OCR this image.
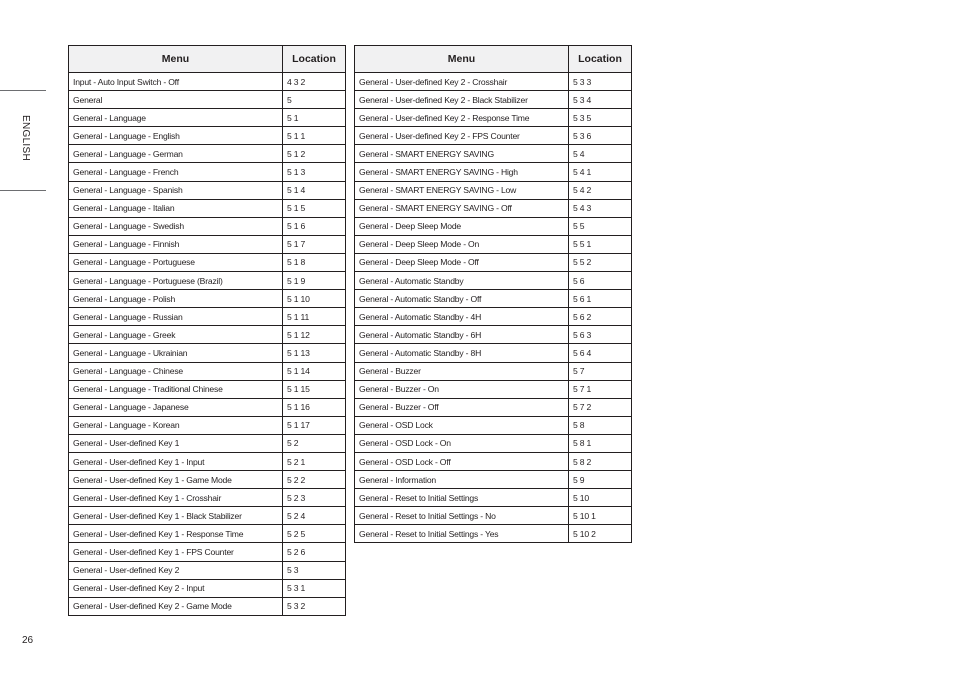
ENGLISH
Menu	Location
Input - Auto Input Switch - Off	4 3 2
General	5
General - Language	5 1
General - Language - English	5 1 1
General - Language - German	5 1 2
General - Language - French	5 1 3
General - Language - Spanish	5 1 4
General - Language - Italian	5 1 5
General - Language - Swedish	5 1 6
General - Language - Finnish	5 1 7
General - Language - Portuguese	5 1 8
General - Language - Portuguese (Brazil)	5 1 9
General - Language - Polish	5 1 10
General - Language - Russian	5 1 11
General - Language - Greek	5 1 12
General - Language - Ukrainian	5 1 13
General - Language - Chinese	5 1 14
General - Language - Traditional Chinese	5 1 15
General - Language - Japanese	5 1 16
General - Language - Korean	5 1 17
General - User-defined Key 1	5 2
General - User-defined Key 1 - Input	5 2 1
General - User-defined Key 1 - Game Mode	5 2 2
General - User-defined Key 1 - Crosshair	5 2 3
General - User-defined Key 1 - Black Stabilizer	5 2 4
General - User-defined Key 1 - Response Time	5 2 5
General - User-defined Key 1 - FPS Counter	5 2 6
General - User-defined Key 2	5 3
General - User-defined Key 2 - Input	5 3 1
General - User-defined Key 2 - Game Mode	5 3 2
Menu	Location
General - User-defined Key 2 - Crosshair	5 3 3
General - User-defined Key 2 - Black Stabilizer	5 3 4
General - User-defined Key 2 - Response Time	5 3 5
General - User-defined Key 2 - FPS Counter	5 3 6
General - SMART ENERGY SAVING	5 4
General - SMART ENERGY SAVING - High	5 4 1
General - SMART ENERGY SAVING - Low	5 4 2
General - SMART ENERGY SAVING - Off	5 4 3
General - Deep Sleep Mode	5 5
General - Deep Sleep Mode - On	5 5 1
General - Deep Sleep Mode - Off	5 5 2
General - Automatic Standby	5 6
General - Automatic Standby - Off	5 6 1
General - Automatic Standby - 4H	5 6 2
General - Automatic Standby - 6H	5 6 3
General - Automatic Standby - 8H	5 6 4
General - Buzzer	5 7
General - Buzzer - On	5 7 1
General - Buzzer - Off	5 7 2
General - OSD Lock	5 8
General - OSD Lock - On	5 8 1
General - OSD Lock - Off	5 8 2
General - Information	5 9
General - Reset to Initial Settings	5 10
General - Reset to Initial Settings - No	5 10 1
General - Reset to Initial Settings - Yes	5 10 2
26
